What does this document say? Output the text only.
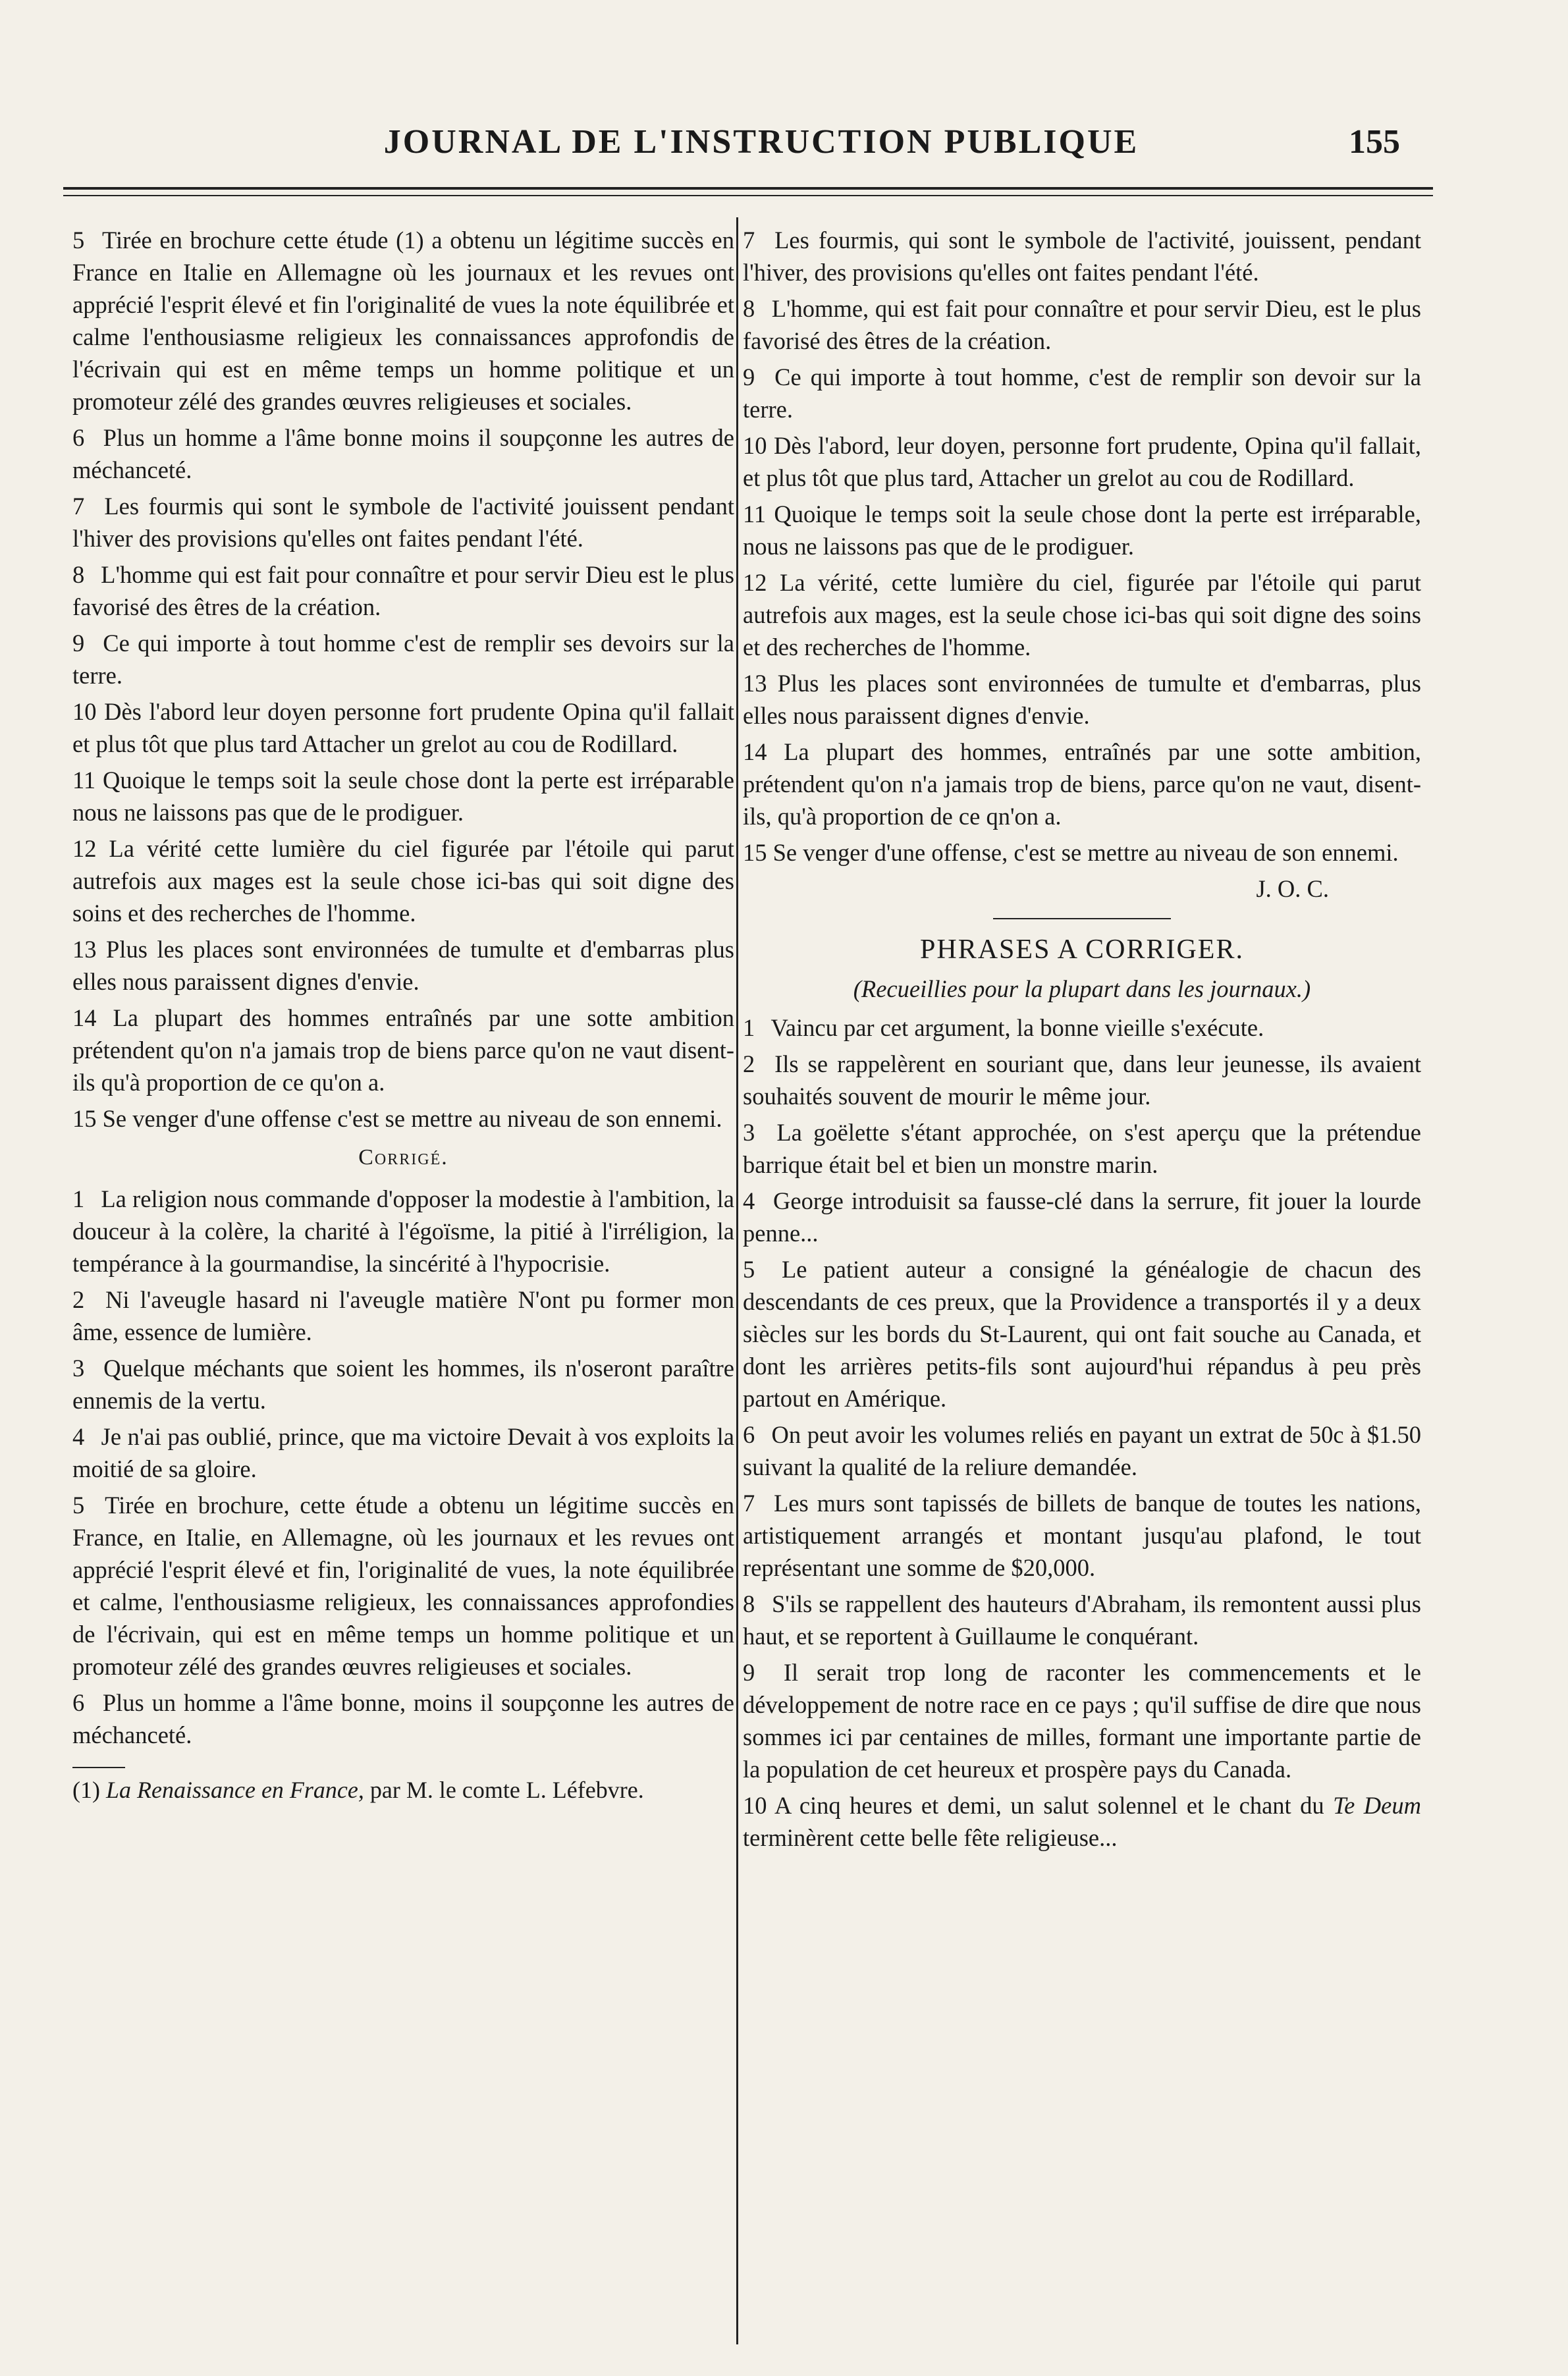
JOURNAL DE L'INSTRUCTION PUBLIQUE	155

5 Tirée en brochure cette étude (1) a obtenu un légitime succès en France en Italie en Allemagne où les journaux et les revues ont apprécié l'esprit élevé et fin l'originalité de vues la note équilibrée et calme l'enthousiasme religieux les connaissances approfondis de l'écrivain qui est en même temps un homme politique et un promoteur zélé des grandes œuvres religieuses et sociales.

6 Plus un homme a l'âme bonne moins il soupçonne les autres de méchanceté.

7 Les fourmis qui sont le symbole de l'activité jouissent pendant l'hiver des provisions qu'elles ont faites pendant l'été.

8 L'homme qui est fait pour connaître et pour servir Dieu est le plus favorisé des êtres de la création.

9 Ce qui importe à tout homme c'est de remplir ses devoirs sur la terre.

10 Dès l'abord leur doyen personne fort prudente Opina qu'il fallait et plus tôt que plus tard Attacher un grelot au cou de Rodillard.

11 Quoique le temps soit la seule chose dont la perte est irréparable nous ne laissons pas que de le prodiguer.

12 La vérité cette lumière du ciel figurée par l'étoile qui parut autrefois aux mages est la seule chose ici-bas qui soit digne des soins et des recherches de l'homme.

13 Plus les places sont environnées de tumulte et d'embarras plus elles nous paraissent dignes d'envie.

14 La plupart des hommes entraînés par une sotte ambition prétendent qu'on n'a jamais trop de biens parce qu'on ne vaut disent-ils qu'à proportion de ce qu'on a.

15 Se venger d'une offense c'est se mettre au niveau de son ennemi.

Corrigé.

1 La religion nous commande d'opposer la modestie à l'ambition, la douceur à la colère, la charité à l'égoïsme, la pitié à l'irréligion, la tempérance à la gourmandise, la sincérité à l'hypocrisie.

2 Ni l'aveugle hasard ni l'aveugle matière N'ont pu former mon âme, essence de lumière.

3 Quelque méchants que soient les hommes, ils n'oseront paraître ennemis de la vertu.

4 Je n'ai pas oublié, prince, que ma victoire Devait à vos exploits la moitié de sa gloire.

5 Tirée en brochure, cette étude a obtenu un légitime succès en France, en Italie, en Allemagne, où les journaux et les revues ont apprécié l'esprit élevé et fin, l'originalité de vues, la note équilibrée et calme, l'enthousiasme religieux, les connaissances approfondies de l'écrivain, qui est en même temps un homme politique et un promoteur zélé des grandes œuvres religieuses et sociales.

6 Plus un homme a l'âme bonne, moins il soupçonne les autres de méchanceté.

(1) La Renaissance en France, par M. le comte L. Léfebvre.

7 Les fourmis, qui sont le symbole de l'activité, jouissent, pendant l'hiver, des provisions qu'elles ont faites pendant l'été.

8 L'homme, qui est fait pour connaître et pour servir Dieu, est le plus favorisé des êtres de la création.

9 Ce qui importe à tout homme, c'est de remplir son devoir sur la terre.

10 Dès l'abord, leur doyen, personne fort prudente, Opina qu'il fallait, et plus tôt que plus tard, Attacher un grelot au cou de Rodillard.

11 Quoique le temps soit la seule chose dont la perte est irréparable, nous ne laissons pas que de le prodiguer.

12 La vérité, cette lumière du ciel, figurée par l'étoile qui parut autrefois aux mages, est la seule chose ici-bas qui soit digne des soins et des recherches de l'homme.

13 Plus les places sont environnées de tumulte et d'embarras, plus elles nous paraissent dignes d'envie.

14 La plupart des hommes, entraînés par une sotte ambition, prétendent qu'on n'a jamais trop de biens, parce qu'on ne vaut, disent-ils, qu'à proportion de ce qn'on a.

15 Se venger d'une offense, c'est se mettre au niveau de son ennemi.

J. O. C.
PHRASES A CORRIGER.
(Recueillies pour la plupart dans les journaux.)

1 Vaincu par cet argument, la bonne vieille s'exécute.

2 Ils se rappelèrent en souriant que, dans leur jeunesse, ils avaient souhaités souvent de mourir le même jour.

3 La goëlette s'étant approchée, on s'est aperçu que la prétendue barrique était bel et bien un monstre marin.

4 George introduisit sa fausse-clé dans la serrure, fit jouer la lourde penne...

5 Le patient auteur a consigné la généalogie de chacun des descendants de ces preux, que la Providence a transportés il y a deux siècles sur les bords du St-Laurent, qui ont fait souche au Canada, et dont les arrières petits-fils sont aujourd'hui répandus à peu près partout en Amérique.

6 On peut avoir les volumes reliés en payant un extrat de 50c à $1.50 suivant la qualité de la reliure demandée.

7 Les murs sont tapissés de billets de banque de toutes les nations, artistiquement arrangés et montant jusqu'au plafond, le tout représentant une somme de $20,000.

8 S'ils se rappellent des hauteurs d'Abraham, ils remontent aussi plus haut, et se reportent à Guillaume le conquérant.

9 Il serait trop long de raconter les commencements et le développement de notre race en ce pays ; qu'il suffise de dire que nous sommes ici par centaines de milles, formant une importante partie de la population de cet heureux et prospère pays du Canada.

10 A cinq heures et demi, un salut solennel et le chant du Te Deum terminèrent cette belle fête religieuse...
